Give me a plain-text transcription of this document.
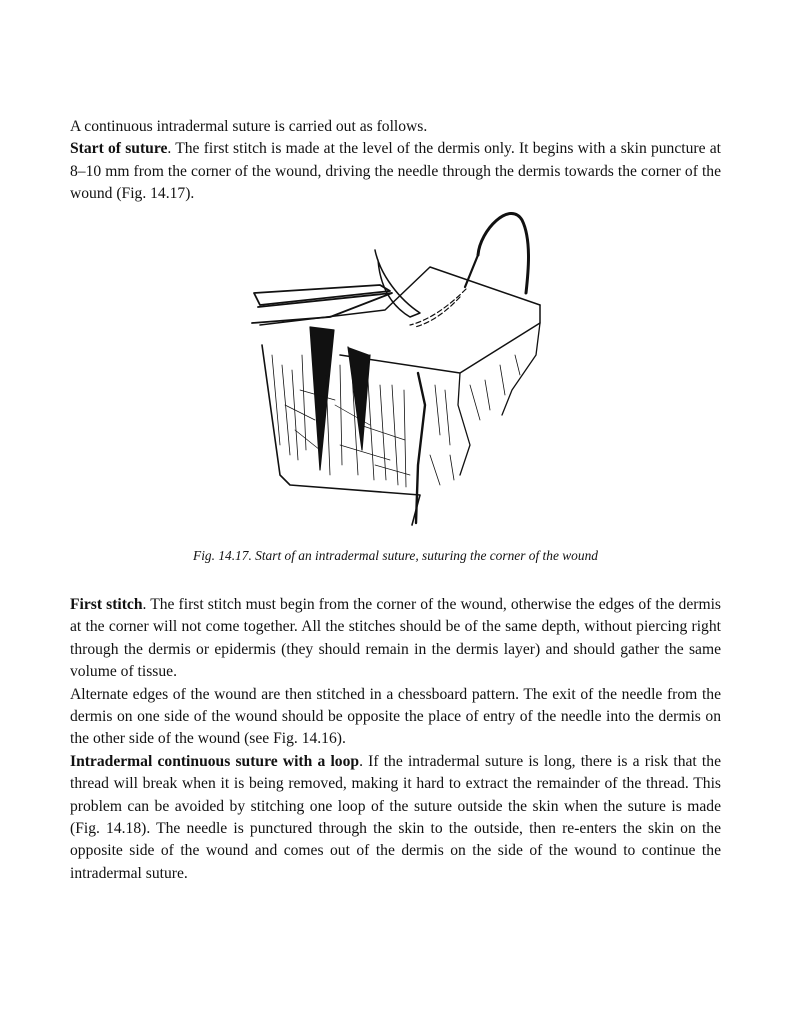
A continuous intradermal suture is carried out as follows.

Start of suture. The first stitch is made at the level of the dermis only. It begins with a skin puncture at 8–10 mm from the corner of the wound, driving the needle through the dermis towards the corner of the wound (Fig. 14.17).

Fig. 14.17. Start of an intradermal suture, suturing the corner of the wound

First stitch. The first stitch must begin from the corner of the wound, otherwise the edges of the dermis at the corner will not come together. All the stitches should be of the same depth, without piercing right through the dermis or epidermis (they should remain in the dermis layer) and should gather the same volume of tissue.

Alternate edges of the wound are then stitched in a chessboard pattern. The exit of the needle from the dermis on one side of the wound should be opposite the place of entry of the needle into the dermis on the other side of the wound (see Fig. 14.16).

Intradermal continuous suture with a loop. If the intradermal suture is long, there is a risk that the thread will break when it is being removed, making it hard to extract the remainder of the thread. This problem can be avoided by stitching one loop of the suture outside the skin when the suture is made (Fig. 14.18). The needle is punctured through the skin to the outside, then re-enters the skin on the opposite side of the wound and comes out of the dermis on the side of the wound to continue the intradermal suture.
